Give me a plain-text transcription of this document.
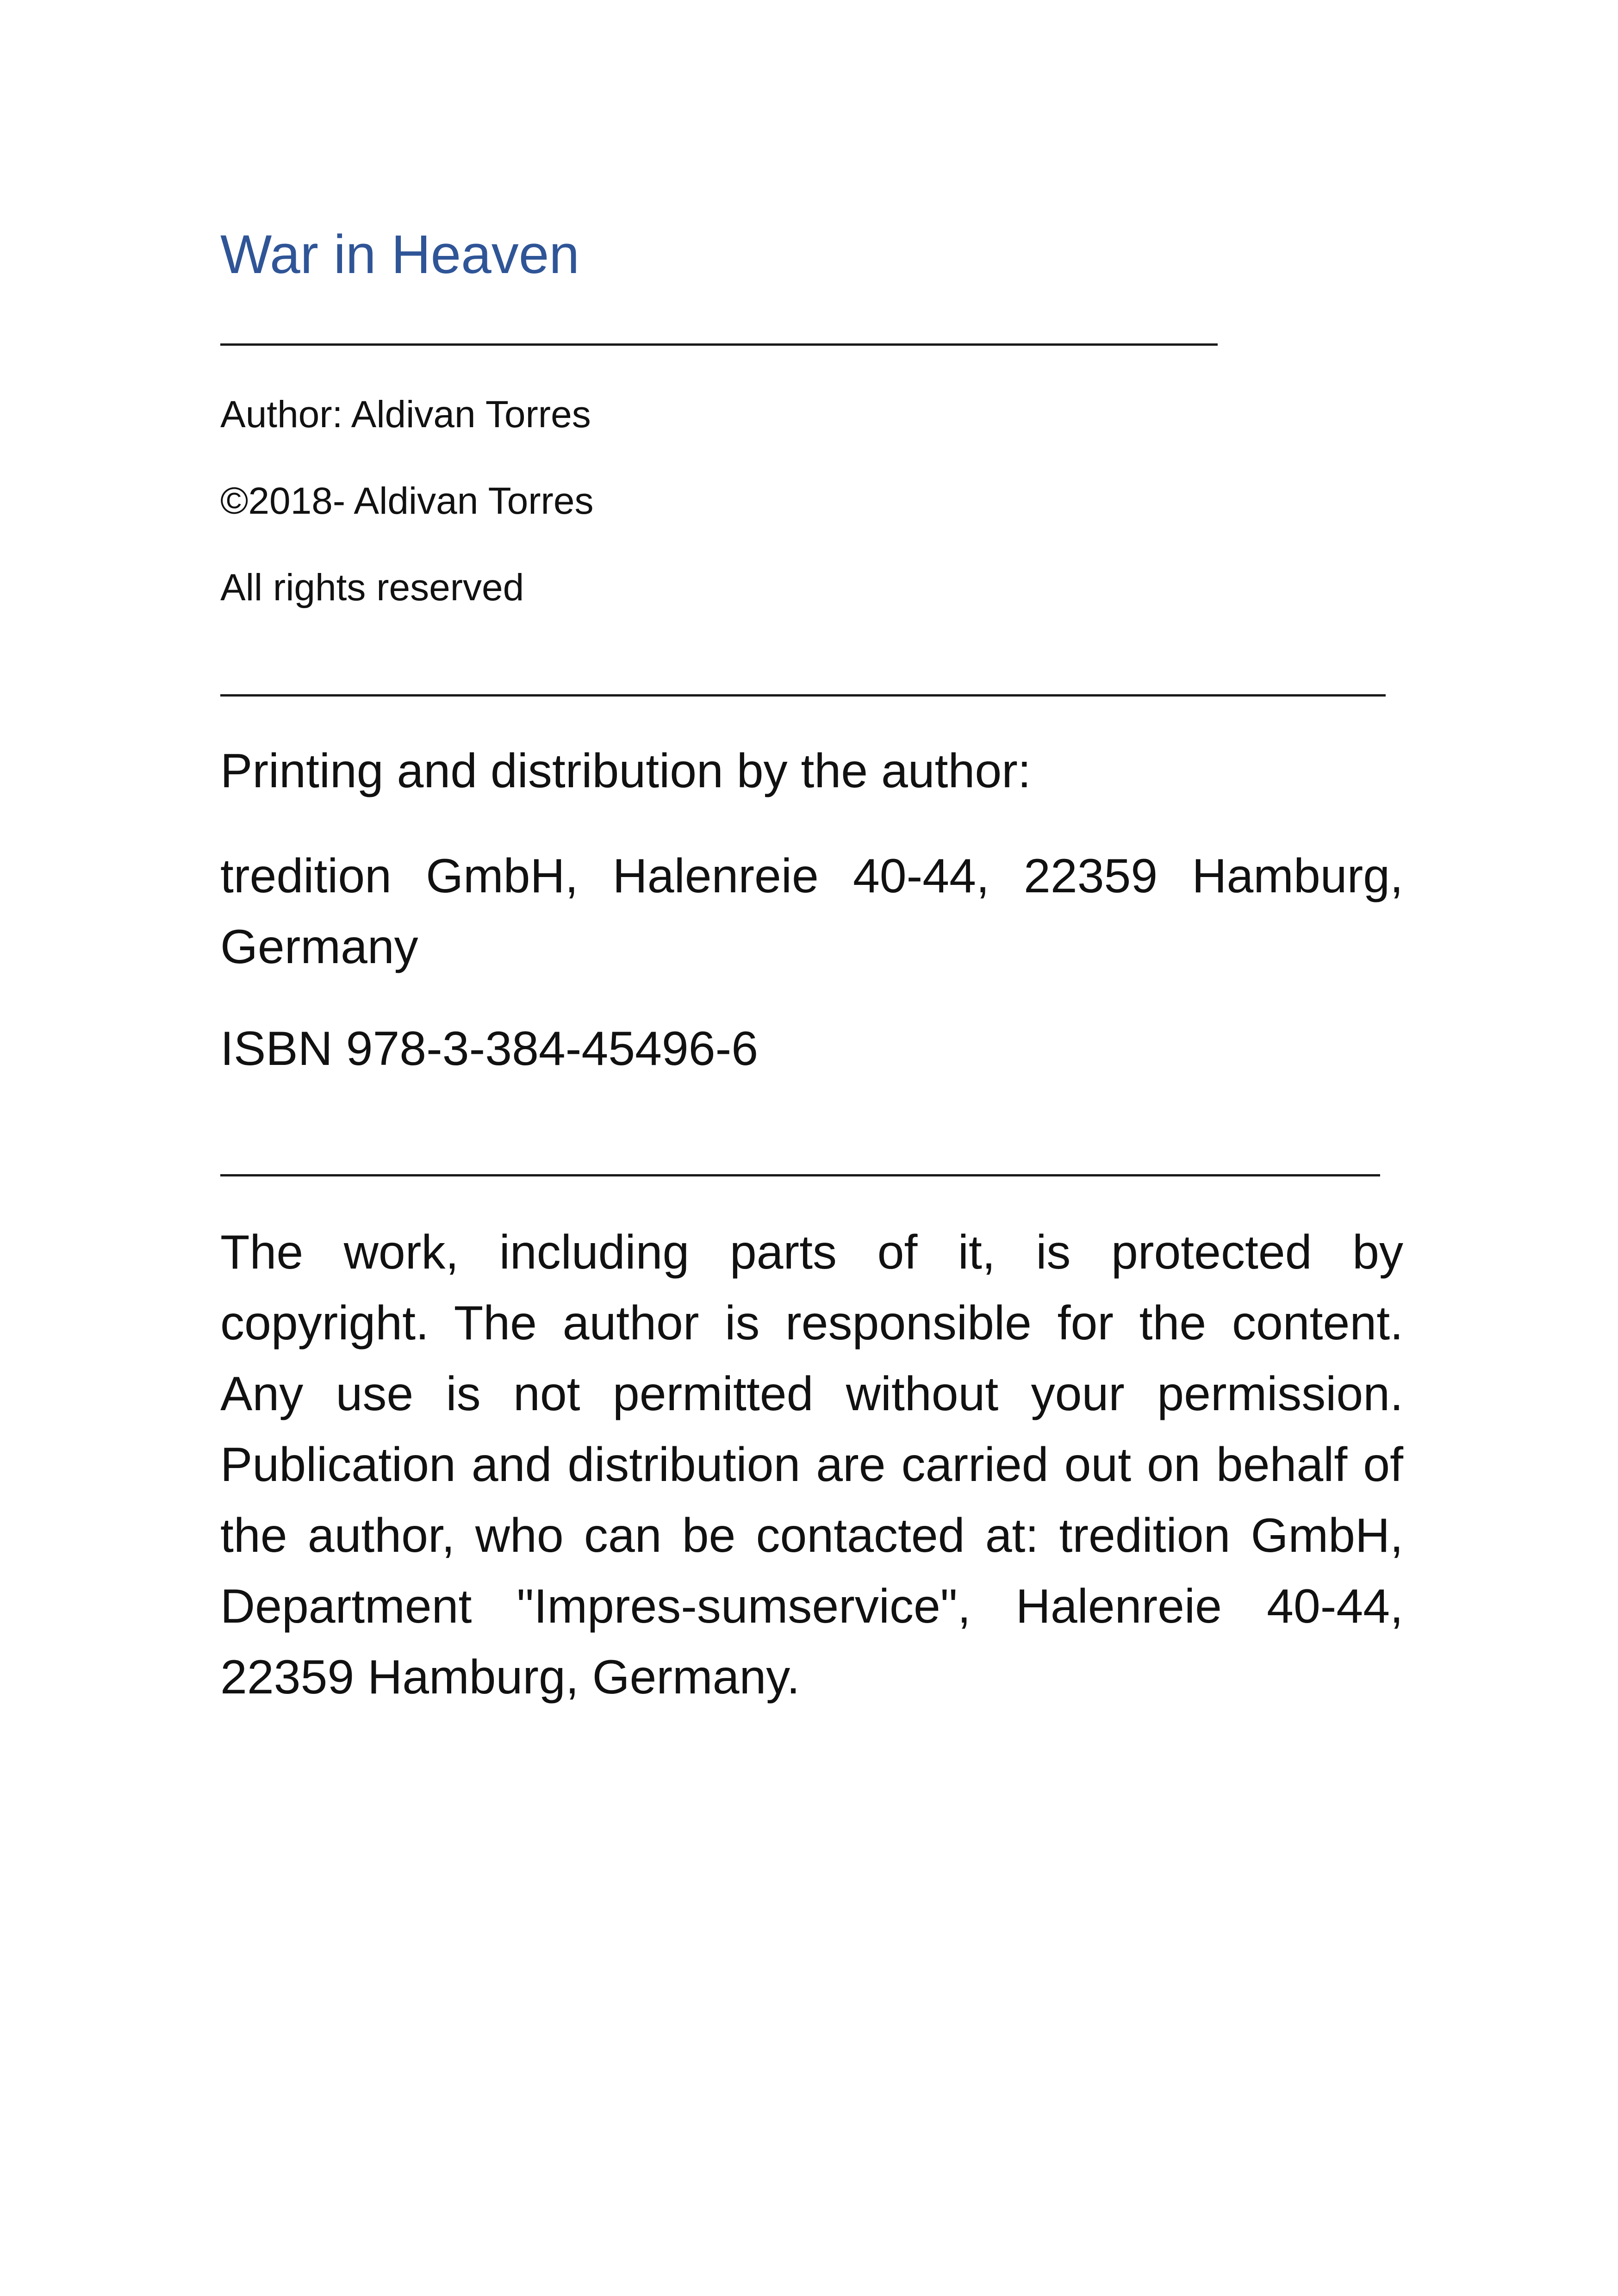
War in Heaven
Author: Aldivan Torres
©2018- Aldivan Torres
All rights reserved
Printing and distribution by the author:
tredition GmbH, Halenreie 40-44, 22359 Hamburg, Germany
ISBN 978-3-384-45496-6
The work, including parts of it, is protected by copyright. The author is responsible for the content. Any use is not permitted without your permission. Publication and distribution are carried out on behalf of the author, who can be contacted at: tredition GmbH, Department "Impres-sumservice", Halenreie 40-44, 22359 Hamburg, Germany.
